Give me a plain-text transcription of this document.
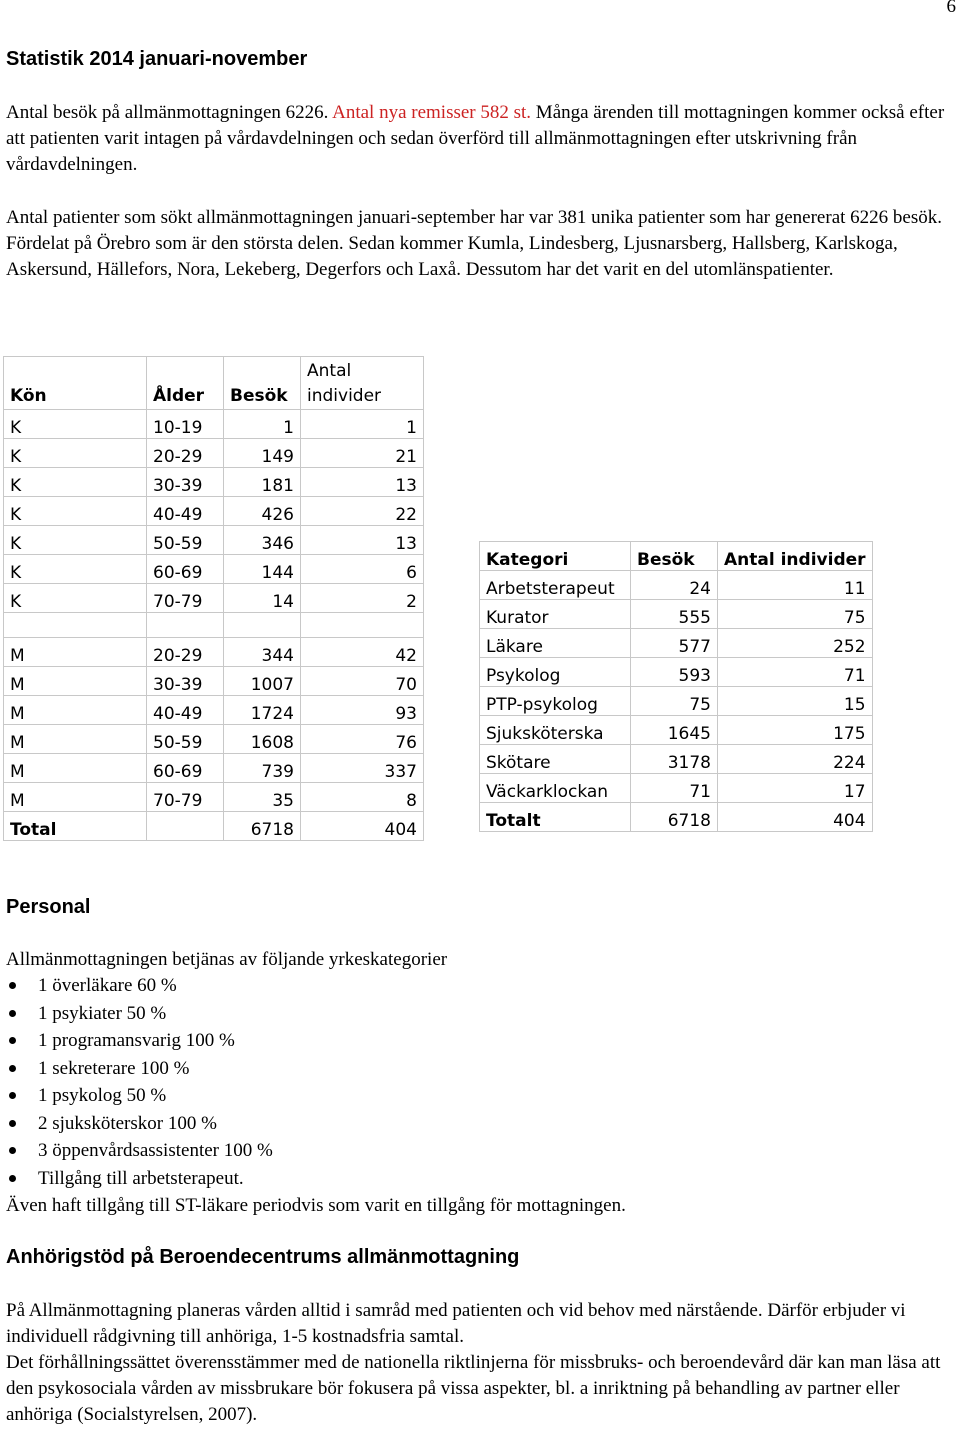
6
Statistik 2014 januari-november

Antal besök på allmänmottagningen 6226. Antal nya remisser 582 st. Många ärenden till mottagningen kommer också efter att patienten varit intagen på vårdavdelningen och sedan överförd till allmänmottagningen efter utskrivning från vårdavdelningen.

Antal patienter som sökt allmänmottagningen januari-september har var 381 unika patienter som har genererat 6226 besök. Fördelat på Örebro som är den största delen. Sedan kommer Kumla, Lindesberg, Ljusnarsberg, Hallsberg, Karlskoga, Askersund, Hällefors, Nora, Lekeberg, Degerfors och Laxå. Dessutom har det varit en del utomlänspatienter.

Kön	Ålder	Besök	Antal individer
K	10-19	1	1
K	20-29	149	21
K	30-39	181	13
K	40-49	426	22
K	50-59	346	13
K	60-69	144	6
K	70-79	14	2

M	20-29	344	42
M	30-39	1007	70
M	40-49	1724	93
M	50-59	1608	76
M	60-69	739	337
M	70-79	35	8
Total		6718	404
Kategori	Besök	Antal individer
Arbetsterapeut	24	11
Kurator	555	75
Läkare	577	252
Psykolog	593	71
PTP-psykolog	75	15
Sjuksköterska	1645	175
Skötare	3178	224
Väckarklockan	71	17
Totalt	6718	404
Personal

Allmänmottagningen betjänas av följande yrkeskategorier

1 överläkare 60 %
1 psykiater 50 %
1 programansvarig 100 %
1 sekreterare 100 %
1 psykolog 50 %
2 sjuksköterskor 100 %
3 öppenvårdsassistenter 100 %
Tillgång till arbetsterapeut.

Även haft tillgång till ST-läkare periodvis som varit en tillgång för mottagningen.

Anhörigstöd på Beroendecentrums allmänmottagning

På Allmänmottagning planeras vården alltid i samråd med patienten och vid behov med närstående. Därför erbjuder vi individuell rådgivning till anhöriga, 1-5 kostnadsfria samtal.

Det förhållningssättet överensstämmer med de nationella riktlinjerna för missbruks- och beroendevård där kan man läsa att den psykosociala vården av missbrukare bör fokusera på vissa aspekter, bl. a inriktning på behandling av partner eller anhöriga (Socialstyrelsen, 2007).
